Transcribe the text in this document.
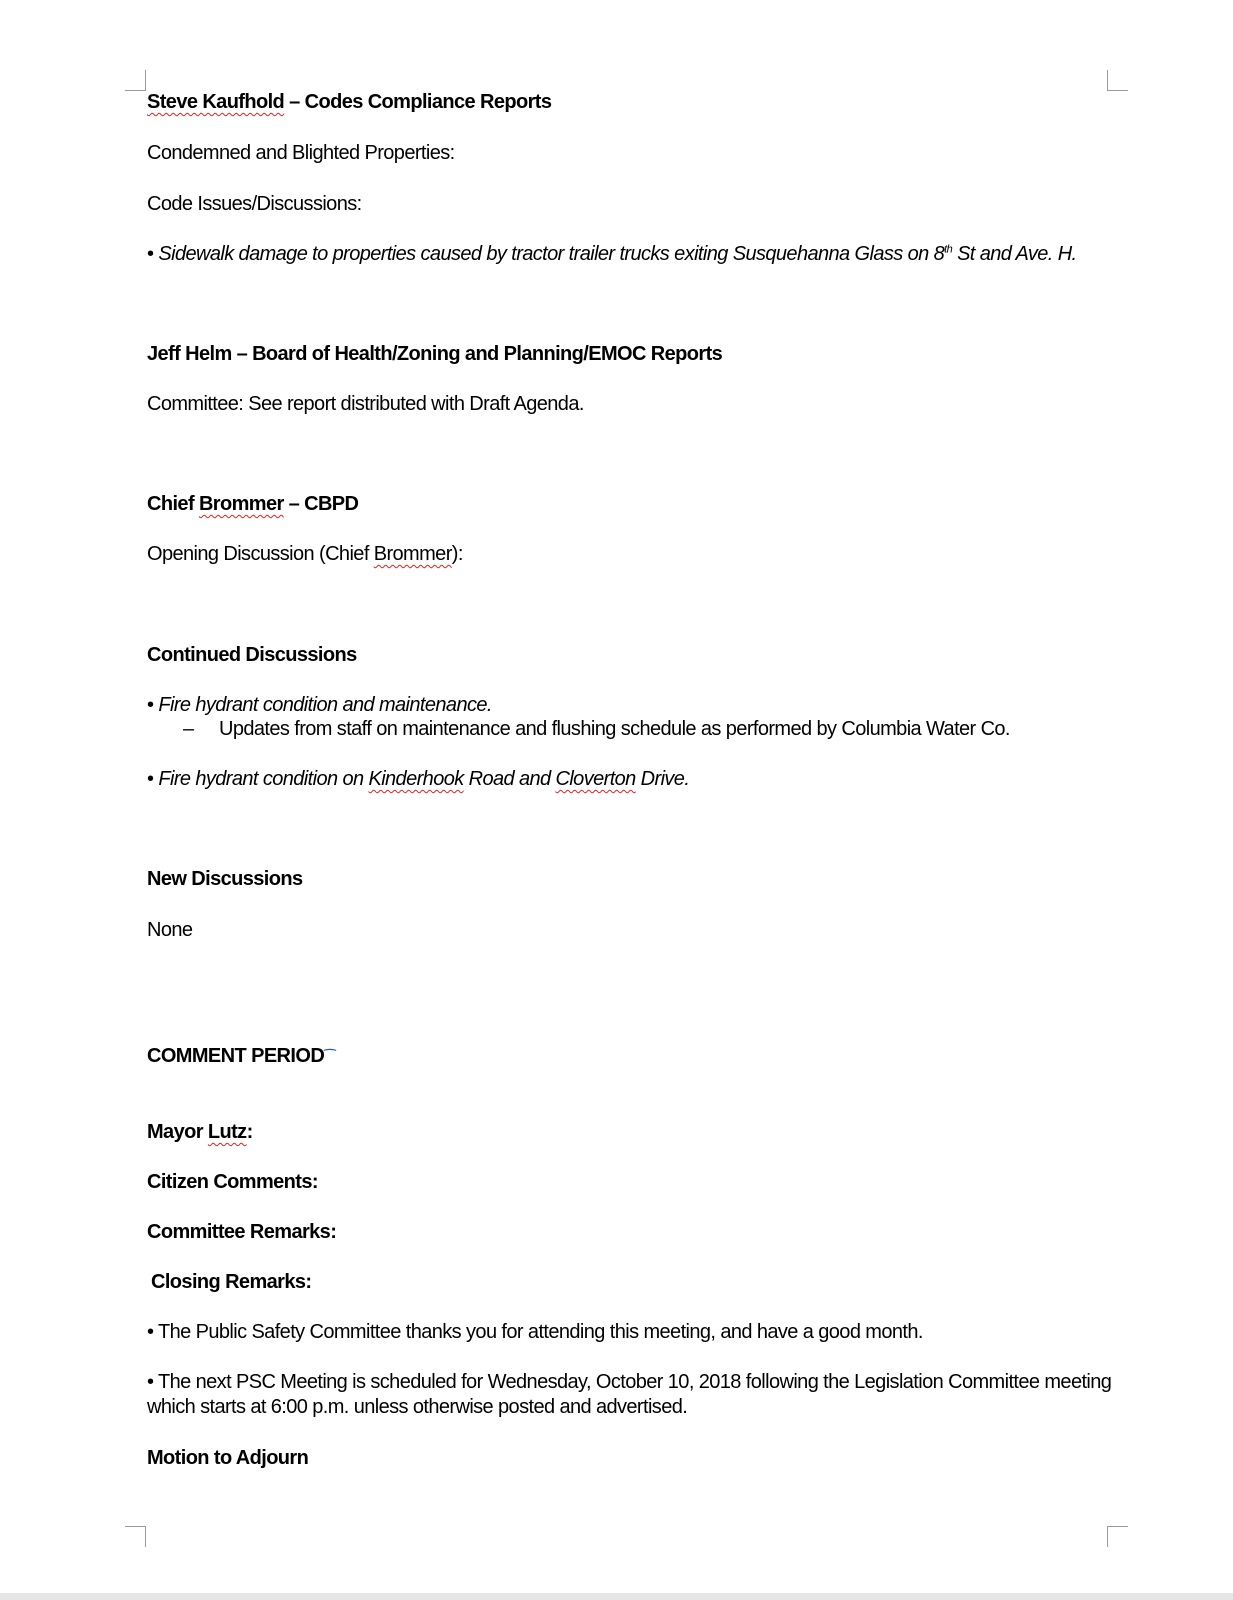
Steve Kaufhold – Codes Compliance Reports
Condemned and Blighted Properties:
Code Issues/Discussions:
• Sidewalk damage to properties caused by tractor trailer trucks exiting Susquehanna Glass on 8th St and Ave. H.
Jeff Helm – Board of Health/Zoning and Planning/EMOC Reports
Committee: See report distributed with Draft Agenda.
Chief Brommer – CBPD
Opening Discussion (Chief Brommer):
Continued Discussions
• Fire hydrant condition and maintenance.
– Updates from staff on maintenance and flushing schedule as performed by Columbia Water Co.
• Fire hydrant condition on Kinderhook Road and Cloverton Drive.
New Discussions
None
COMMENT PERIOD⁀
Mayor Lutz:
Citizen Comments:
Committee Remarks:
Closing Remarks:
• The Public Safety Committee thanks you for attending this meeting, and have a good month.
• The next PSC Meeting is scheduled for Wednesday, October 10, 2018 following the Legislation Committee meeting
which starts at 6:00 p.m. unless otherwise posted and advertised.
Motion to Adjourn
